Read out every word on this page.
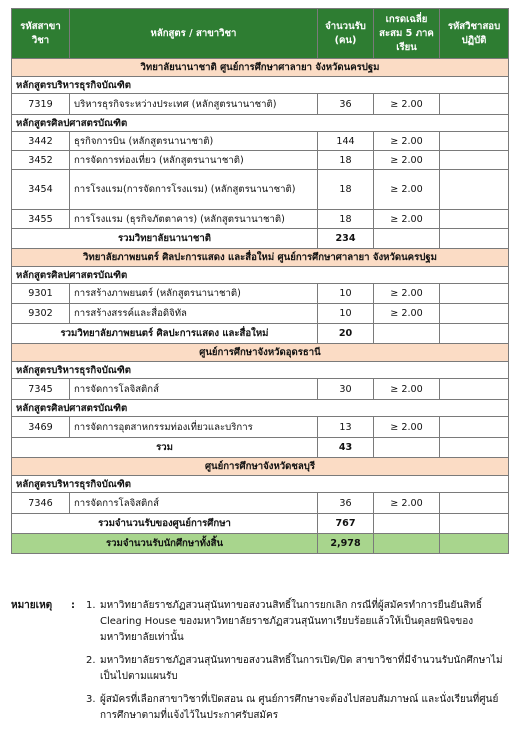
รหัสสาขาวิชา	หลักสูตร / สาขาวิชา	จำนวนรับ (คน)	เกรดเฉลี่ยสะสม 5 ภาคเรียน	รหัสวิชาสอบปฏิบัติ
วิทยาลัยนานาชาติ ศูนย์การศึกษาศาลายา จังหวัดนครปฐม				
หลักสูตรบริหารธุรกิจบัณฑิต				
7319	บริหารธุรกิจระหว่างประเทศ (หลักสูตรนานาชาติ)	36	≥ 2.00	
หลักสูตรศิลปศาสตรบัณฑิต				
3442	ธุรกิจการบิน (หลักสูตรนานาชาติ)	144	≥ 2.00	
3452	การจัดการท่องเที่ยว (หลักสูตรนานาชาติ)	18	≥ 2.00	
3454	การโรงแรม(การจัดการโรงแรม) (หลักสูตรนานาชาติ)	18	≥ 2.00	
3455	การโรงแรม (ธุรกิจภัตตาคาร) (หลักสูตรนานาชาติ)	18	≥ 2.00	
รวมวิทยาลัยนานาชาติ		234		
วิทยาลัยภาพยนตร์ ศิลปะการแสดง และสื่อใหม่ ศูนย์การศึกษาศาลายา จังหวัดนครปฐม				
หลักสูตรศิลปศาสตรบัณฑิต				
9301	การสร้างภาพยนตร์ (หลักสูตรนานาชาติ)	10	≥ 2.00	
9302	การสร้างสรรค์และสื่อดิจิทัล	10	≥ 2.00	
รวมวิทยาลัยภาพยนตร์ ศิลปะการแสดง และสื่อใหม่		20		
ศูนย์การศึกษาจังหวัดอุดรธานี				
หลักสูตรบริหารธุรกิจบัณฑิต				
7345	การจัดการโลจิสติกส์	30	≥ 2.00	
หลักสูตรศิลปศาสตรบัณฑิต				
3469	การจัดการอุตสาหกรรมท่องเที่ยวและบริการ	13	≥ 2.00	
รวม		43		
ศูนย์การศึกษาจังหวัดชลบุรี				
หลักสูตรบริหารธุรกิจบัณฑิต				
7346	การจัดการโลจิสติกส์	36	≥ 2.00	
รวมจำนวนรับของศูนย์การศึกษา		767		
รวมจำนวนรับนักศึกษาทั้งสิ้น		2,978		
หมายเหตุ : 1. มหาวิทยาลัยราชภัฏสวนสุนันทาขอสงวนสิทธิ์ในการยกเลิก กรณีที่ผู้สมัครทำการยืนยันสิทธิ์ Clearing House ของมหาวิทยาลัยราชภัฏสวนสุนันทาเรียบร้อยแล้วให้เป็นดุลยพินิจของมหาวิทยาลัยเท่านั้น
2. มหาวิทยาลัยราชภัฏสวนสุนันทาขอสงวนสิทธิ์ในการเปิด/ปิด สาขาวิชาที่มีจำนวนรับนักศึกษาไม่เป็นไปตามแผนรับ
3. ผู้สมัครที่เลือกสาขาวิชาที่เปิดสอน ณ ศูนย์การศึกษาจะต้องไปสอบสัมภาษณ์ และนั่งเรียนที่ศูนย์การศึกษาตามที่แจ้งไว้ในประกาศรับสมัคร
